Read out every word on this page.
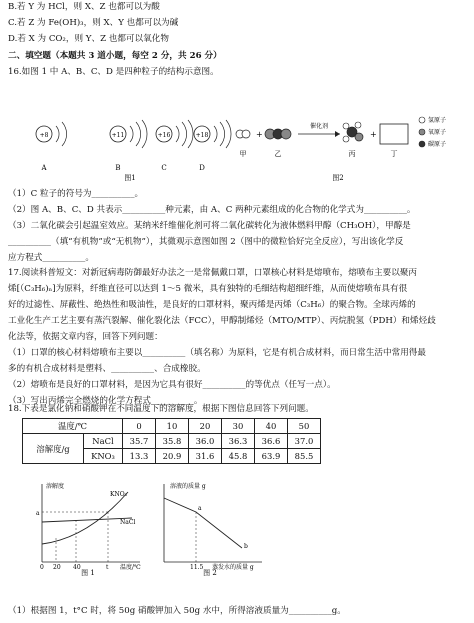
B.若 Y 为 HCl，则 X、Z 也都可以为酸
C.若 Z 为 Fe(OH)₃，则 X、Y 也都可以为碱
D.若 X 为 CO₂，则 Y、Z 也都可以氧化物
二、填空题（本题共 3 道小题，每空 2 分，共 26 分）
16.如图 1 中 A、B、C、D 是四种粒子的结构示意图。
+8
A
+11
B
+16
C
+18
D
图1
甲
+
乙
催化剂
丙
+
丁
氢原子
氧原子
碳原子
图2
（1）C 粒子的符号为__________。
（2）图 A、B、C、D 共表示__________种元素，由 A、C 两种元素组成的化合物的化学式为__________。
（3）二氧化碳会引起温室效应。某纳米纤维催化剂可将二氧化碳转化为液体燃料甲醇（CH₃OH），甲醇是
__________（填“有机物”或“无机物”），其微观示意图如图 2（图中的微粒恰好完全反应），写出该化学反
应方程式__________。
17.阅读科普短文：对新冠病毒防御最好办法之一是常佩戴口罩，口罩核心材料是熔喷布，熔喷布主要以聚丙
烯[（C₃H₆)ₙ]为原料，纤维直径可以达到 1～5 微米，具有独特的毛细结构超细纤维，从而使熔喷布具有很
好的过滤性、屏蔽性、绝热性和吸油性，是良好的口罩材料，聚丙烯是丙烯（C₃H₆）的聚合物。全球丙烯的
工业化生产工艺主要有蒸汽裂解、催化裂化法（FCC），甲醇制烯烃（MTO/MTP）、丙烷脱氢（PDH）和烯烃歧
化法等，依据文章内容，回答下列问题：
（1）口罩的核心材料熔喷布主要以__________（填名称）为原料，它是有机合成材料，而日常生活中常用得最
多的有机合成材料是塑料、__________、合成橡胶。
（2）熔喷布是良好的口罩材料，是因为它具有很好__________的等优点（任写一点）。
（3）写出丙烯完全燃烧的化学方程式__________。
18.下表是氯化钠和硝酸钾在不同温度下的溶解度，根据下图信息回答下列问题。
温度/℃		0	10	20	30	40	50
溶解度/g	NaCl	35.7	35.8	36.0	36.3	36.6	37.0
	KNO₃	13.3	20.9	31.6	45.8	63.9	85.5
溶解度
KNO₃
NaCl
a
0 20 40	t 温度/℃
图 1
溶液的质量 g
a
b
11.5 蒸发水的质量 g
图 2
（1）根据图 1，t°C 时，将 50g 硝酸钾加入 50g 水中，所得溶液质量为__________g。
